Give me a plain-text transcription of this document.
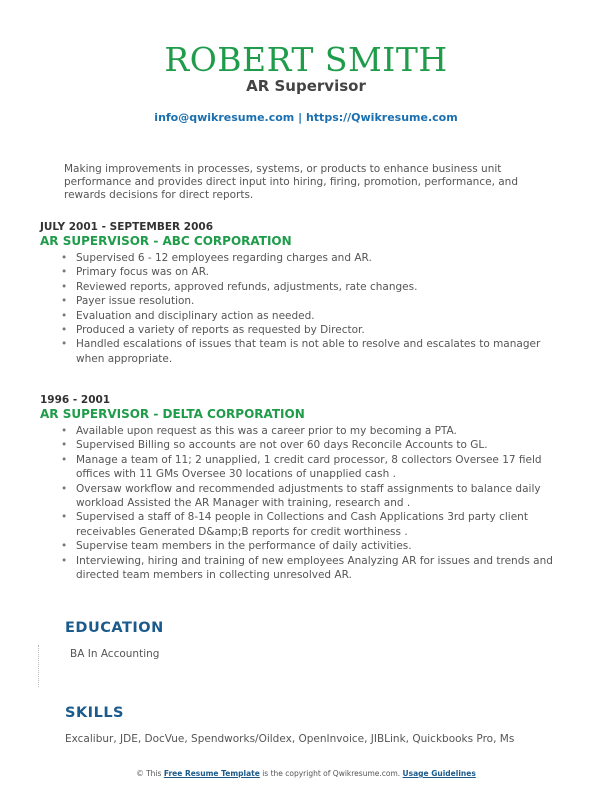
ROBERT SMITH
AR Supervisor
info@qwikresume.com | https://Qwikresume.com
Making improvements in processes, systems, or products to enhance business unit performance and provides direct input into hiring, firing, promotion, performance, and rewards decisions for direct reports.
JULY 2001 - SEPTEMBER 2006
AR SUPERVISOR - ABC CORPORATION
• Supervised 6 - 12 employees regarding charges and AR.
• Primary focus was on AR.
• Reviewed reports, approved refunds, adjustments, rate changes.
• Payer issue resolution.
• Evaluation and disciplinary action as needed.
• Produced a variety of reports as requested by Director.
• Handled escalations of issues that team is not able to resolve and escalates to manager when appropriate.
1996 - 2001
AR SUPERVISOR - DELTA CORPORATION
• Available upon request as this was a career prior to my becoming a PTA.
• Supervised Billing so accounts are not over 60 days Reconcile Accounts to GL.
• Manage a team of 11; 2 unapplied, 1 credit card processor, 8 collectors Oversee 17 field offices with 11 GMs Oversee 30 locations of unapplied cash .
• Oversaw workflow and recommended adjustments to staff assignments to balance daily workload Assisted the AR Manager with training, research and .
• Supervised a staff of 8-14 people in Collections and Cash Applications 3rd party client receivables Generated D&amp;B reports for credit worthiness .
• Supervise team members in the performance of daily activities.
• Interviewing, hiring and training of new employees Analyzing AR for issues and trends and directed team members in collecting unresolved AR.
EDUCATION
BA In Accounting
SKILLS
Excalibur, JDE, DocVue, Spendworks/Oildex, OpenInvoice, JIBLink, Quickbooks Pro, Ms
© This Free Resume Template is the copyright of Qwikresume.com. Usage Guidelines
